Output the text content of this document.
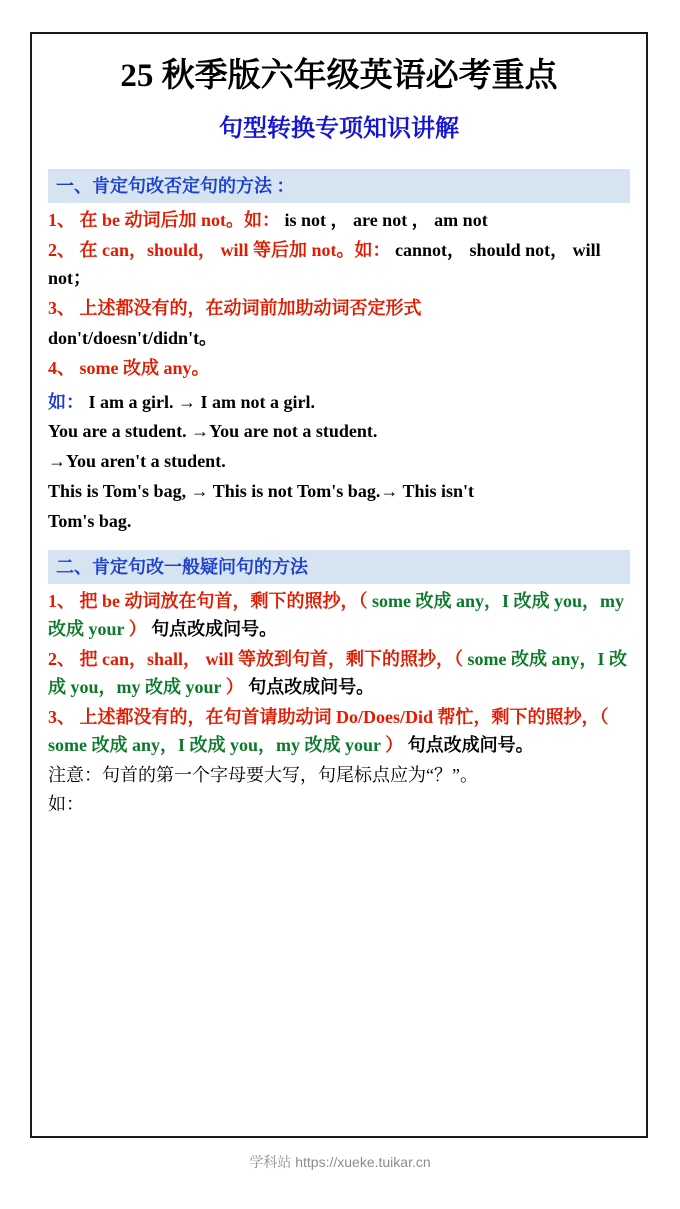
25 秋季版六年级英语必考重点
句型转换专项知识讲解
一、肯定句改否定句的方法 ：
1、 在 be 动词后加 not。如： is not ， are not ， am not
2、 在 can，should， will 等后加 not。如： cannot， should not， will not；
3、 上述都没有的，在动词前加助动词否定形式
don't/doesn't/didn't。
4、 some 改成 any。
如： I am a girl. → I am not a girl.
You are a student. →You are not a student.
→You aren't a student.
This is Tom's bag, → This is not Tom's bag.→ This isn't
Tom's bag.
二、肯定句改一般疑问句的方法
1、 把 be 动词放在句首，剩下的照抄，（ some 改成 any，I 改成 you，my 改成 your ） 句点改成问号。
2、 把 can，shall， will 等放到句首，剩下的照抄，（ some 改成 any，I 改成 you，my 改成 your ） 句点改成问号。
3、 上述都没有的，在句首请助动词 Do/Does/Did 帮忙，剩下的照抄，（ some 改成 any，I 改成 you，my 改成 your ） 句点改成问号。
注意：句首的第一个字母要大写，句尾标点应为“？”。
如：
学科站 https://xueke.tuikar.cn
